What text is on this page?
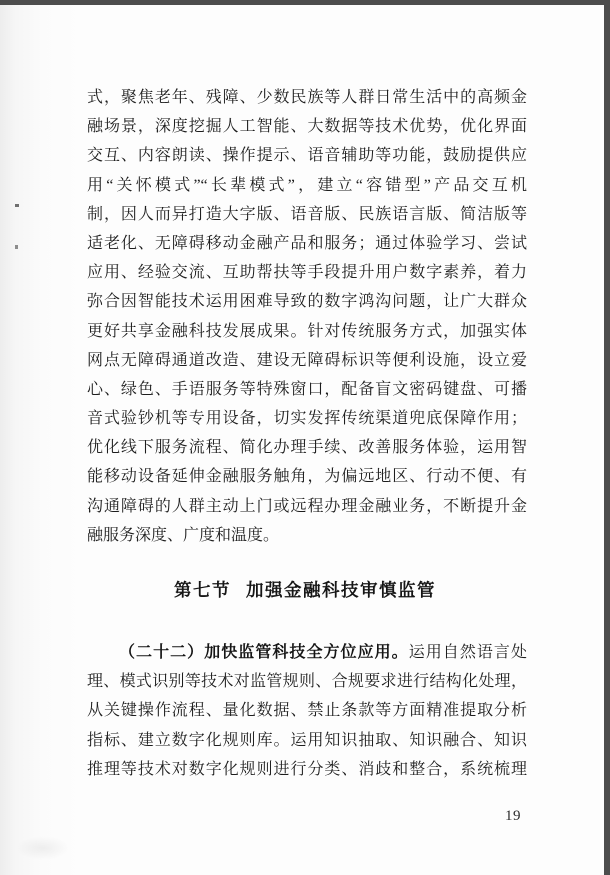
式，聚焦老年、残障、少数民族等人群日常生活中的高频金
融场景，深度挖掘人工智能、大数据等技术优势，优化界面
交互、内容朗读、操作提示、语音辅助等功能，鼓励提供应
用“关怀模式”“长辈模式”，建立“容错型”产品交互机
制，因人而异打造大字版、语音版、民族语言版、简洁版等
适老化、无障碍移动金融产品和服务；通过体验学习、尝试
应用、经验交流、互助帮扶等手段提升用户数字素养，着力
弥合因智能技术运用困难导致的数字鸿沟问题，让广大群众
更好共享金融科技发展成果。针对传统服务方式，加强实体
网点无障碍通道改造、建设无障碍标识等便利设施，设立爱
心、绿色、手语服务等特殊窗口，配备盲文密码键盘、可播
音式验钞机等专用设备，切实发挥传统渠道兜底保障作用；
优化线下服务流程、简化办理手续、改善服务体验，运用智
能移动设备延伸金融服务触角，为偏远地区、行动不便、有
沟通障碍的人群主动上门或远程办理金融业务，不断提升金
融服务深度、广度和温度。
第七节 加强金融科技审慎监管
（二十二）加快监管科技全方位应用。运用自然语言处
理、模式识别等技术对监管规则、合规要求进行结构化处理，
从关键操作流程、量化数据、禁止条款等方面精准提取分析
指标、建立数字化规则库。运用知识抽取、知识融合、知识
推理等技术对数字化规则进行分类、消歧和整合，系统梳理
19
